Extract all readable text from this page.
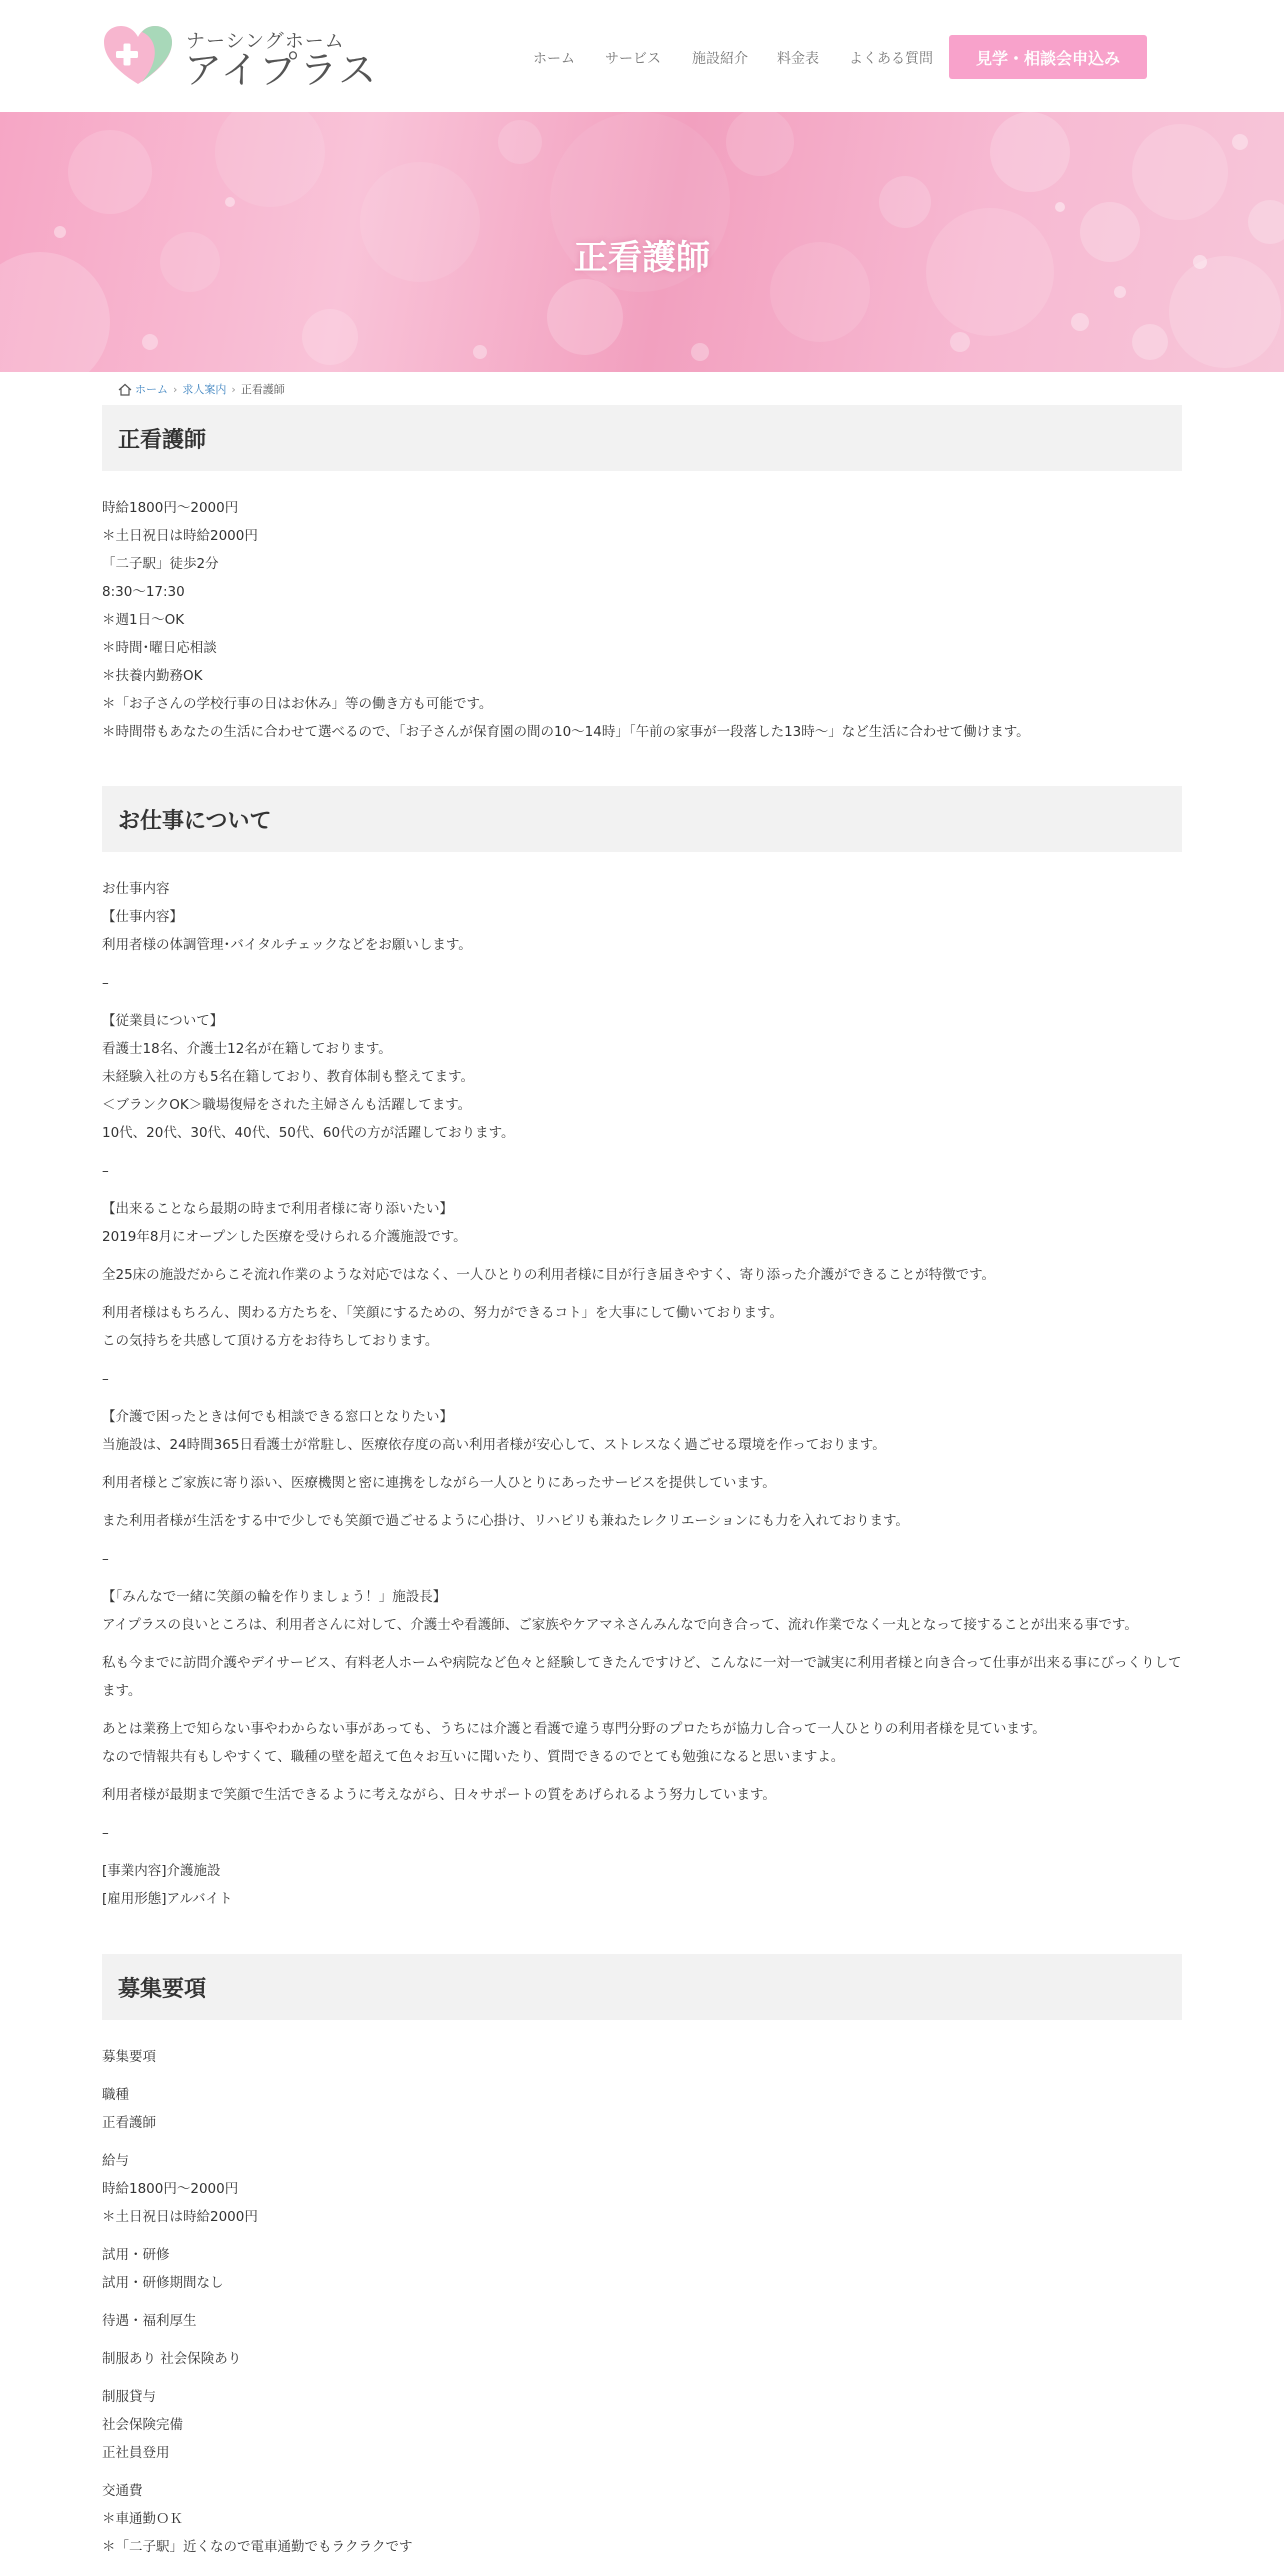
ナーシングホーム
アイプラス	ホーム サービス 施設紹介 料金表 よくある質問	見学・相談会申込み
正看護師
ホーム › 求人案内 › 正看護師
正看護師
時給1800円〜2000円
＊土日祝日は時給2000円
「二子駅」徒歩2分
8:30～17:30
＊週1日～OK
＊時間･曜日応相談
＊扶養内勤務OK
＊「お子さんの学校行事の日はお休み」等の働き方も可能です。
＊時間帯もあなたの生活に合わせて選べるので、「お子さんが保育園の間の10～14時」「午前の家事が一段落した13時～」など生活に合わせて働けます。
お仕事について
お仕事内容
【仕事内容】
利用者様の体調管理･バイタルチェックなどをお願いします。
–
【従業員について】
看護士18名、介護士12名が在籍しております。
未経験入社の方も5名在籍しており、教育体制も整えてます。
＜ブランクOK＞職場復帰をされた主婦さんも活躍してます。
10代、20代、30代、40代、50代、60代の方が活躍しております。
–
【出来ることなら最期の時まで利用者様に寄り添いたい】
2019年8月にオープンした医療を受けられる介護施設です。
全25床の施設だからこそ流れ作業のような対応ではなく、一人ひとりの利用者様に目が行き届きやすく、寄り添った介護ができることが特徴です。
利用者様はもちろん、関わる方たちを、「笑顔にするための、努力ができるコト」を大事にして働いております。
この気持ちを共感して頂ける方をお待ちしております。
–
【介護で困ったときは何でも相談できる窓口となりたい】
当施設は、24時間365日看護士が常駐し、医療依存度の高い利用者様が安心して、ストレスなく過ごせる環境を作っております。
利用者様とご家族に寄り添い、医療機関と密に連携をしながら一人ひとりにあったサービスを提供しています。
また利用者様が生活をする中で少しでも笑顔で過ごせるように心掛け、リハビリも兼ねたレクリエーションにも力を入れております。
–
【「みんなで一緒に笑顔の輪を作りましょう！」施設長】
アイプラスの良いところは、利用者さんに対して、介護士や看護師、ご家族やケアマネさんみんなで向き合って、流れ作業でなく一丸となって接することが出来る事です。
私も今までに訪問介護やデイサービス、有料老人ホームや病院など色々と経験してきたんですけど、こんなに一対一で誠実に利用者様と向き合って仕事が出来る事にびっくりしてます。
あとは業務上で知らない事やわからない事があっても、うちには介護と看護で違う専門分野のプロたちが協力し合って一人ひとりの利用者様を見ています。
なので情報共有もしやすくて、職種の壁を超えて色々お互いに聞いたり、質問できるのでとても勉強になると思いますよ。
利用者様が最期まで笑顔で生活できるように考えながら、日々サポートの質をあげられるよう努力しています。
–
[事業内容]介護施設
[雇用形態]アルバイト
募集要項
募集要項
職種
正看護師
給与
時給1800円〜2000円
＊土日祝日は時給2000円
試用・研修
試用・研修期間なし
待遇・福利厚生
制服あり 社会保険あり
制服貸与
社会保険完備
正社員登用
交通費
＊車通勤ＯＫ
＊「二子駅」近くなので電車通勤でもラクラクです
